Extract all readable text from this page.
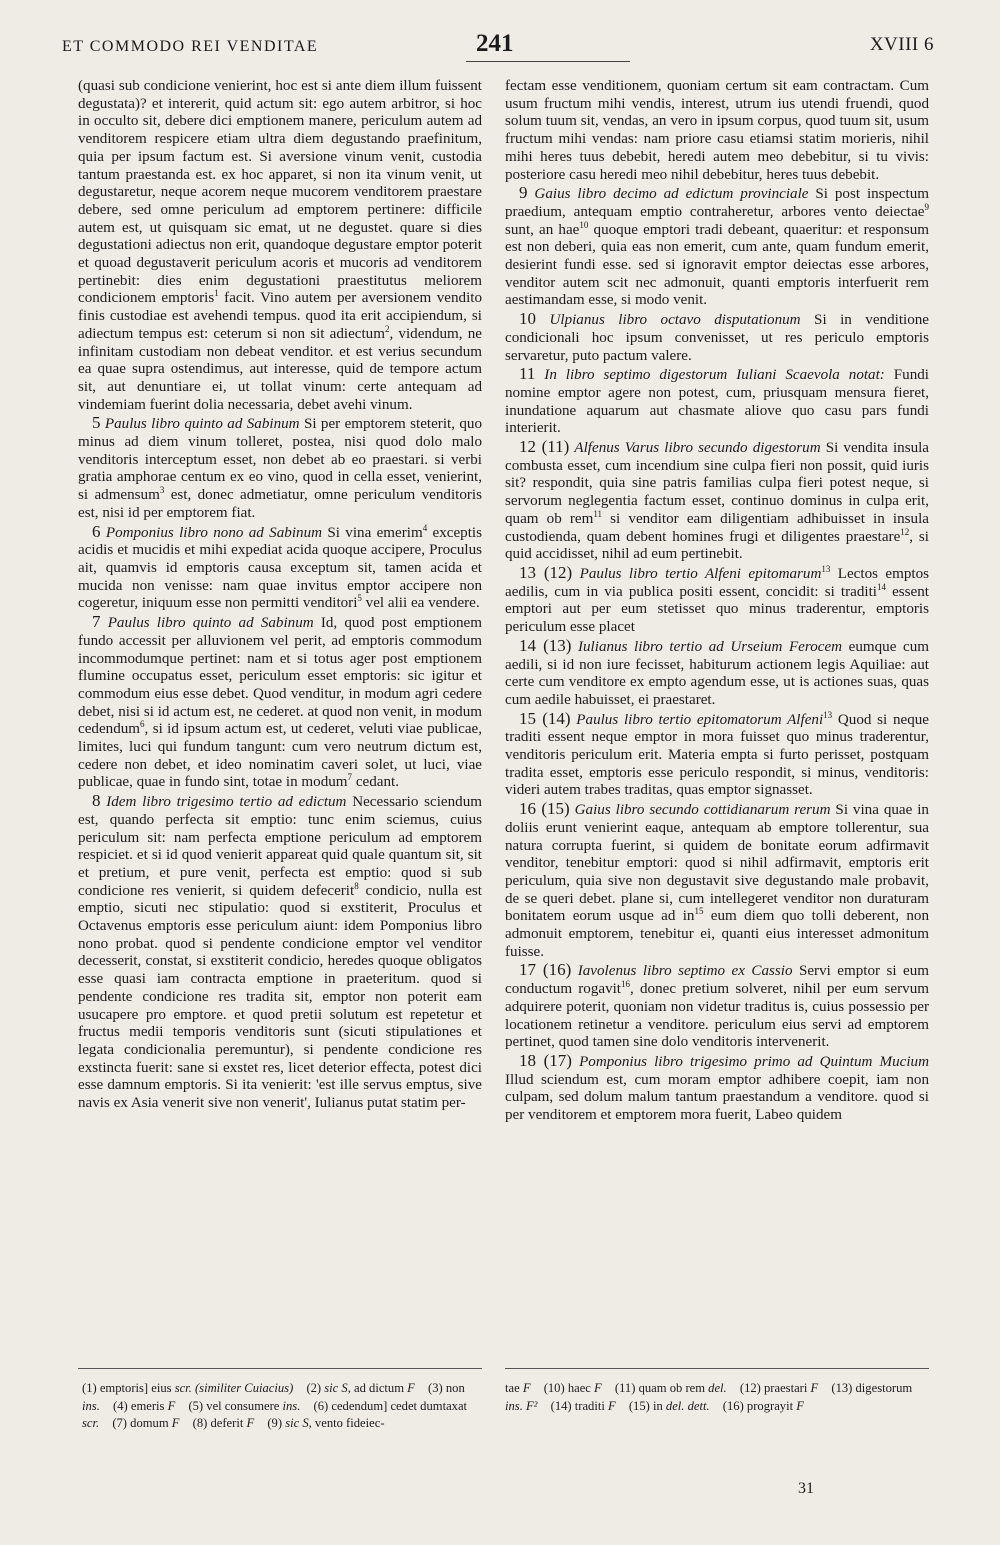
ET COMMODO REI VENDITAE	241	XVIII 6

(quasi sub condicione venierint, hoc est si ante diem illum fuissent degustata)? et intererit, quid actum sit: ego autem arbitror, si hoc in occulto sit, debere dici emptionem manere, periculum autem ad venditorem respicere etiam ultra diem degustando praefinitum, quia per ipsum factum est. Si aversione vinum venit, custodia tantum praestanda est. ex hoc apparet, si non ita vinum venit, ut degustaretur, neque acorem neque mucorem venditorem praestare debere, sed omne periculum ad emptorem pertinere: difficile autem est, ut quisquam sic emat, ut ne degustet. quare si dies degustationi adiectus non erit, quandoque degustare emptor poterit et quoad degustaverit periculum acoris et mucoris ad venditorem pertinebit: dies enim degustationi praestitutus meliorem condicionem emptoris$^1$ facit. Vino autem per aversionem vendito finis custodiae est avehendi tempus. quod ita erit accipiendum, si adiectum tempus est: ceterum si non sit adiectum$^2$, videndum, ne infinitam custodiam non debeat venditor. et est verius secundum ea quae supra ostendimus, aut interesse, quid de tempore actum sit, aut denuntiare ei, ut tollat vinum: certe antequam ad vindemiam fuerint dolia necessaria, debet avehi vinum.

5 Paulus libro quinto ad Sabinum Si per emptorem steterit, quo minus ad diem vinum tolleret, postea, nisi quod dolo malo venditoris interceptum esset, non debet ab eo praestari. si verbi gratia amphorae centum ex eo vino, quod in cella esset, venierint, si admensum$^3$ est, donec admetiatur, omne periculum venditoris est, nisi id per emptorem fiat.

6 Pomponius libro nono ad Sabinum Si vina emerim$^4$ exceptis acidis et mucidis et mihi expediat acida quoque accipere, Proculus ait, quamvis id emptoris causa exceptum sit, tamen acida et mucida non venisse: nam quae invitus emptor accipere non cogeretur, iniquum esse non permitti venditori$^5$ vel alii ea vendere.

7 Paulus libro quinto ad Sabinum Id, quod post emptionem fundo accessit per alluvionem vel perit, ad emptoris commodum incommodumque pertinet: nam et si totus ager post emptionem flumine occupatus esset, periculum esset emptoris: sic igitur et commodum eius esse debet. Quod venditur, in modum agri cedere debet, nisi si id actum est, ne cederet. at quod non venit, in modum cedendum$^6$, si id ipsum actum est, ut cederet, veluti viae publicae, limites, luci qui fundum tangunt: cum vero neutrum dictum est, cedere non debet, et ideo nominatim caveri solet, ut luci, viae publicae, quae in fundo sint, totae in modum$^7$ cedant.

8 Idem libro trigesimo tertio ad edictum Necessario sciendum est, quando perfecta sit emptio: tunc enim sciemus, cuius periculum sit: nam perfecta emptione periculum ad emptorem respiciet. et si id quod venierit appareat quid quale quantum sit, sit et pretium, et pure venit, perfecta est emptio: quod si sub condicione res venierit, si quidem defecerit$^8$ condicio, nulla est emptio, sicuti nec stipulatio: quod si exstiterit, Proculus et Octavenus emptoris esse periculum aiunt: idem Pomponius libro nono probat. quod si pendente condicione emptor vel venditor decesserit, constat, si exstiterit condicio, heredes quoque obligatos esse quasi iam contracta emptione in praeteritum. quod si pendente condicione res tradita sit, emptor non poterit eam usucapere pro emptore. et quod pretii solutum est repetetur et fructus medii temporis venditoris sunt (sicuti stipulationes et legata condicionalia peremuntur), si pendente condicione res exstincta fuerit: sane si exstet res, licet deterior effecta, potest dici esse damnum emptoris. Si ita venierit: 'est ille servus emptus, sive navis ex Asia venerit sive non venerit', Iulianus putat statim per-

fectam esse venditionem, quoniam certum sit eam contractam. Cum usum fructum mihi vendis, interest, utrum ius utendi fruendi, quod solum tuum sit, vendas, an vero in ipsum corpus, quod tuum sit, usum fructum mihi vendas: nam priore casu etiamsi statim morieris, nihil mihi heres tuus debebit, heredi autem meo debebitur, si tu vivis: posteriore casu heredi meo nihil debebitur, heres tuus debebit.

9 Gaius libro decimo ad edictum provinciale Si post inspectum praedium, antequam emptio contraheretur, arbores vento deiectae$^9$ sunt, an hae$^{10}$ quoque emptori tradi debeant, quaeritur: et responsum est non deberi, quia eas non emerit, cum ante, quam fundum emerit, desierint fundi esse. sed si ignoravit emptor deiectas esse arbores, venditor autem scit nec admonuit, quanti emptoris interfuerit rem aestimandam esse, si modo venit.

10 Ulpianus libro octavo disputationum Si in venditione condicionali hoc ipsum convenisset, ut res periculo emptoris servaretur, puto pactum valere.

11 In libro septimo digestorum Iuliani Scaevola notat: Fundi nomine emptor agere non potest, cum, priusquam mensura fieret, inundatione aquarum aut chasmate aliove quo casu pars fundi interierit.

12 (11) Alfenus Varus libro secundo digestorum Si vendita insula combusta esset, cum incendium sine culpa fieri non possit, quid iuris sit? respondit, quia sine patris familias culpa fieri potest neque, si servorum neglegentia factum esset, continuo dominus in culpa erit, quam ob rem$^{11}$ si venditor eam diligentiam adhibuisset in insula custodienda, quam debent homines frugi et diligentes praestare$^{12}$, si quid accidisset, nihil ad eum pertinebit.

13 (12) Paulus libro tertio Alfeni epitomarum$^{13}$ Lectos emptos aedilis, cum in via publica positi essent, concidit: si traditi$^{14}$ essent emptori aut per eum stetisset quo minus traderentur, emptoris periculum esse placet

14 (13) Iulianus libro tertio ad Urseium Ferocem eumque cum aedili, si id non iure fecisset, habiturum actionem legis Aquiliae: aut certe cum venditore ex empto agendum esse, ut is actiones suas, quas cum aedile habuisset, ei praestaret.

15 (14) Paulus libro tertio epitomatorum Alfeni$^{13}$ Quod si neque traditi essent neque emptor in mora fuisset quo minus traderentur, venditoris periculum erit. Materia empta si furto perisset, postquam tradita esset, emptoris esse periculo respondit, si minus, venditoris: videri autem trabes traditas, quas emptor signasset.

16 (15) Gaius libro secundo cottidianarum rerum Si vina quae in doliis erunt venierint eaque, antequam ab emptore tollerentur, sua natura corrupta fuerint, si quidem de bonitate eorum adfirmavit venditor, tenebitur emptori: quod si nihil adfirmavit, emptoris erit periculum, quia sive non degustavit sive degustando male probavit, de se queri debet. plane si, cum intellegeret venditor non duraturam bonitatem eorum usque ad in$^{15}$ eum diem quo tolli deberent, non admonuit emptorem, tenebitur ei, quanti eius interesset admonitum fuisse.

17 (16) Iavolenus libro septimo ex Cassio Servi emptor si eum conductum rogavit$^{16}$, donec pretium solveret, nihil per eum servum adquirere poterit, quoniam non videtur traditus is, cuius possessio per locationem retinetur a venditore. periculum eius servi ad emptorem pertinet, quod tamen sine dolo venditoris intervenerit.

18 (17) Pomponius libro trigesimo primo ad Quintum Mucium Illud sciendum est, cum moram emptor adhibere coepit, iam non culpam, sed dolum malum tantum praestandum a venditore. quod si per venditorem et emptorem mora fuerit, Labeo quidem

(1) emptoris] eius scr. (similiter Cuiacius) (2) sic S, ad dictum F (3) non ins. (4) emeris F (5) vel consumere ins. (6) cedendum] cedet dumtaxat scr. (7) domum F (8) deferit F (9) sic S, vento fideiec-
tae F (10) haec F (11) quam ob rem del. (12) praestari F (13) digestorum ins. F² (14) traditi F (15) in del. dett. (16) prograyit F
31
